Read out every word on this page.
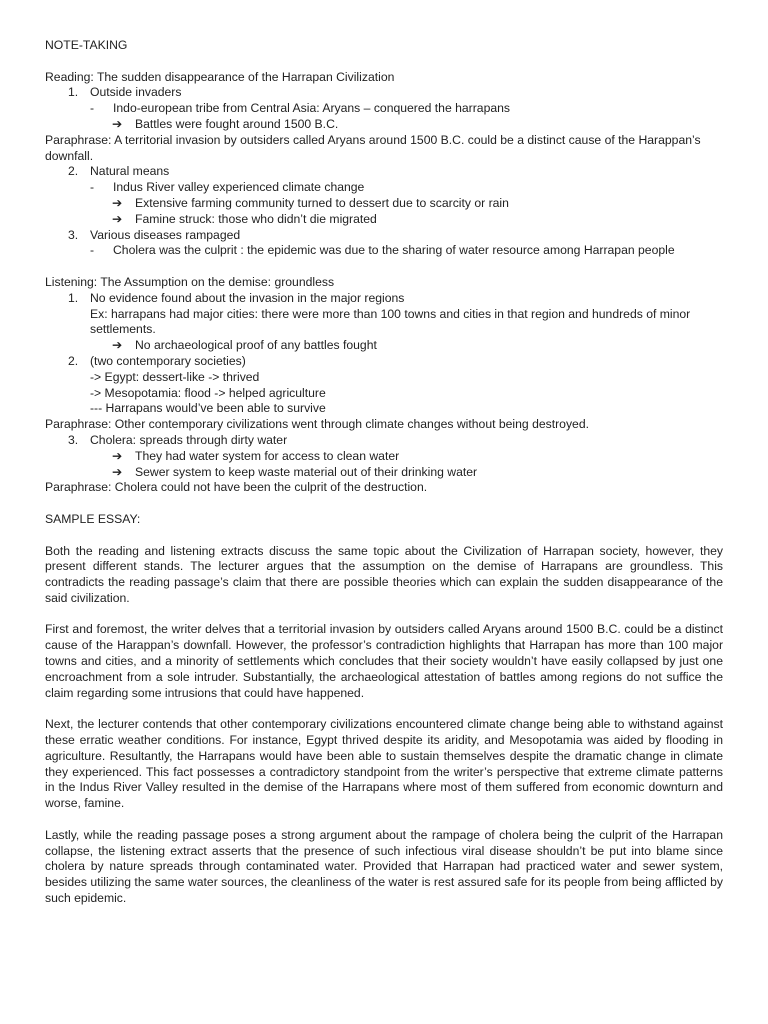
NOTE-TAKING
Reading: The sudden disappearance of the Harrapan Civilization
1. Outside invaders
- Indo-european tribe from Central Asia: Aryans – conquered the harrapans
➔ Battles were fought around 1500 B.C.
Paraphrase: A territorial invasion by outsiders called Aryans around 1500 B.C. could be a distinct cause of the Harappan’s downfall.
2. Natural means
- Indus River valley experienced climate change
➔ Extensive farming community turned to dessert due to scarcity or rain
➔ Famine struck: those who didn’t die migrated
3. Various diseases rampaged
- Cholera was the culprit : the epidemic was due to the sharing of water resource among Harrapan people
Listening: The Assumption on the demise: groundless
1. No evidence found about the invasion in the major regions
Ex: harrapans had major cities: there were more than 100 towns and cities in that region and hundreds of minor settlements.
➔ No archaeological proof of any battles fought
2. (two contemporary societies)
-> Egypt: dessert-like -> thrived
-> Mesopotamia: flood -> helped agriculture
--- Harrapans would’ve been able to survive
Paraphrase: Other contemporary civilizations went through climate changes without being destroyed.
3. Cholera: spreads through dirty water
➔ They had water system for access to clean water
➔ Sewer system to keep waste material out of their drinking water
Paraphrase: Cholera could not have been the culprit of the destruction.
SAMPLE ESSAY:

Both the reading and listening extracts discuss the same topic about the Civilization of Harrapan society, however, they present different stands. The lecturer argues that the assumption on the demise of Harrapans are groundless. This contradicts the reading passage’s claim that there are possible theories which can explain the sudden disappearance of the said civilization.

First and foremost, the writer delves that a territorial invasion by outsiders called Aryans around 1500 B.C. could be a distinct cause of the Harappan’s downfall. However, the professor’s contradiction highlights that Harrapan has more than 100 major towns and cities, and a minority of settlements which concludes that their society wouldn’t have easily collapsed by just one encroachment from a sole intruder. Substantially, the archaeological attestation of battles among regions do not suffice the claim regarding some intrusions that could have happened.

Next, the lecturer contends that other contemporary civilizations encountered climate change being able to withstand against these erratic weather conditions. For instance, Egypt thrived despite its aridity, and Mesopotamia was aided by flooding in agriculture. Resultantly, the Harrapans would have been able to sustain themselves despite the dramatic change in climate they experienced. This fact possesses a contradictory standpoint from the writer’s perspective that extreme climate patterns in the Indus River Valley resulted in the demise of the Harrapans where most of them suffered from economic downturn and worse, famine.

Lastly, while the reading passage poses a strong argument about the rampage of cholera being the culprit of the Harrapan collapse, the listening extract asserts that the presence of such infectious viral disease shouldn’t be put into blame since cholera by nature spreads through contaminated water. Provided that Harrapan had practiced water and sewer system, besides utilizing the same water sources, the cleanliness of the water is rest assured safe for its people from being afflicted by such epidemic.
